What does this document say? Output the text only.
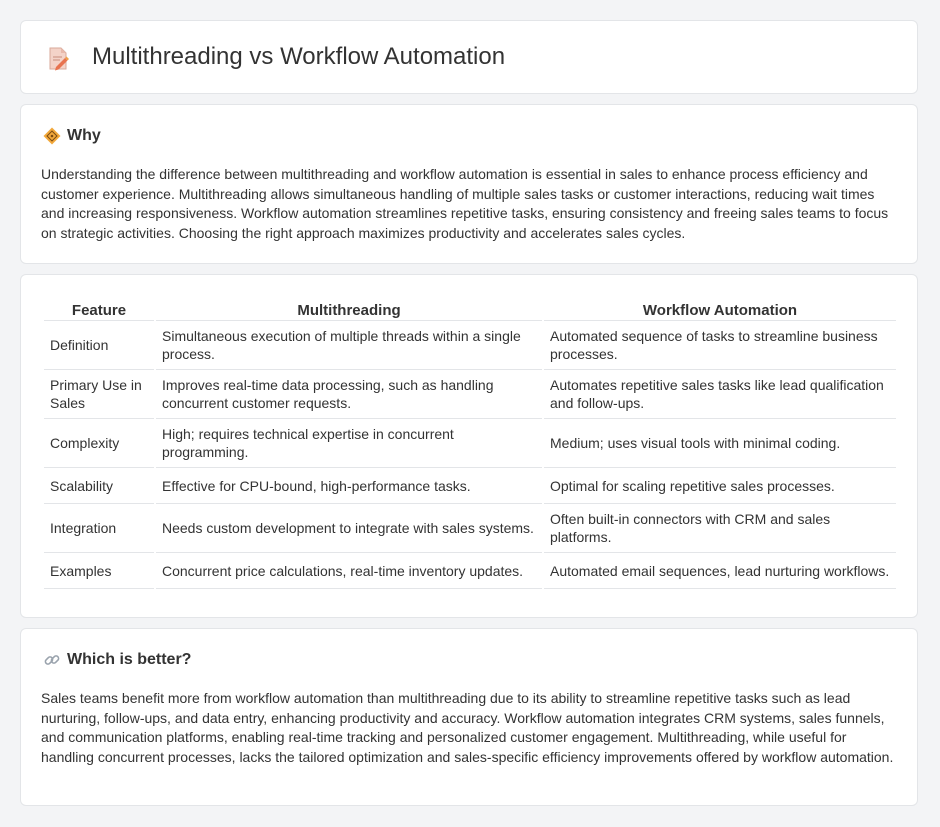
Multithreading vs Workflow Automation
Why

Understanding the difference between multithreading and workflow automation is essential in sales to enhance process efficiency and customer experience. Multithreading allows simultaneous handling of multiple sales tasks or customer interactions, reducing wait times and increasing responsiveness. Workflow automation streamlines repetitive tasks, ensuring consistency and freeing sales teams to focus on strategic activities. Choosing the right approach maximizes productivity and accelerates sales cycles.

Feature	Multithreading	Workflow Automation
Definition	Simultaneous execution of multiple threads within a single process.	Automated sequence of tasks to streamline business processes.
Primary Use in Sales	Improves real-time data processing, such as handling concurrent customer requests.	Automates repetitive sales tasks like lead qualification and follow-ups.
Complexity	High; requires technical expertise in concurrent programming.	Medium; uses visual tools with minimal coding.
Scalability	Effective for CPU-bound, high-performance tasks.	Optimal for scaling repetitive sales processes.
Integration	Needs custom development to integrate with sales systems.	Often built-in connectors with CRM and sales platforms.
Examples	Concurrent price calculations, real-time inventory updates.	Automated email sequences, lead nurturing workflows.
Which is better?

Sales teams benefit more from workflow automation than multithreading due to its ability to streamline repetitive tasks such as lead nurturing, follow-ups, and data entry, enhancing productivity and accuracy. Workflow automation integrates CRM systems, sales funnels, and communication platforms, enabling real-time tracking and personalized customer engagement. Multithreading, while useful for handling concurrent processes, lacks the tailored optimization and sales-specific efficiency improvements offered by workflow automation.
